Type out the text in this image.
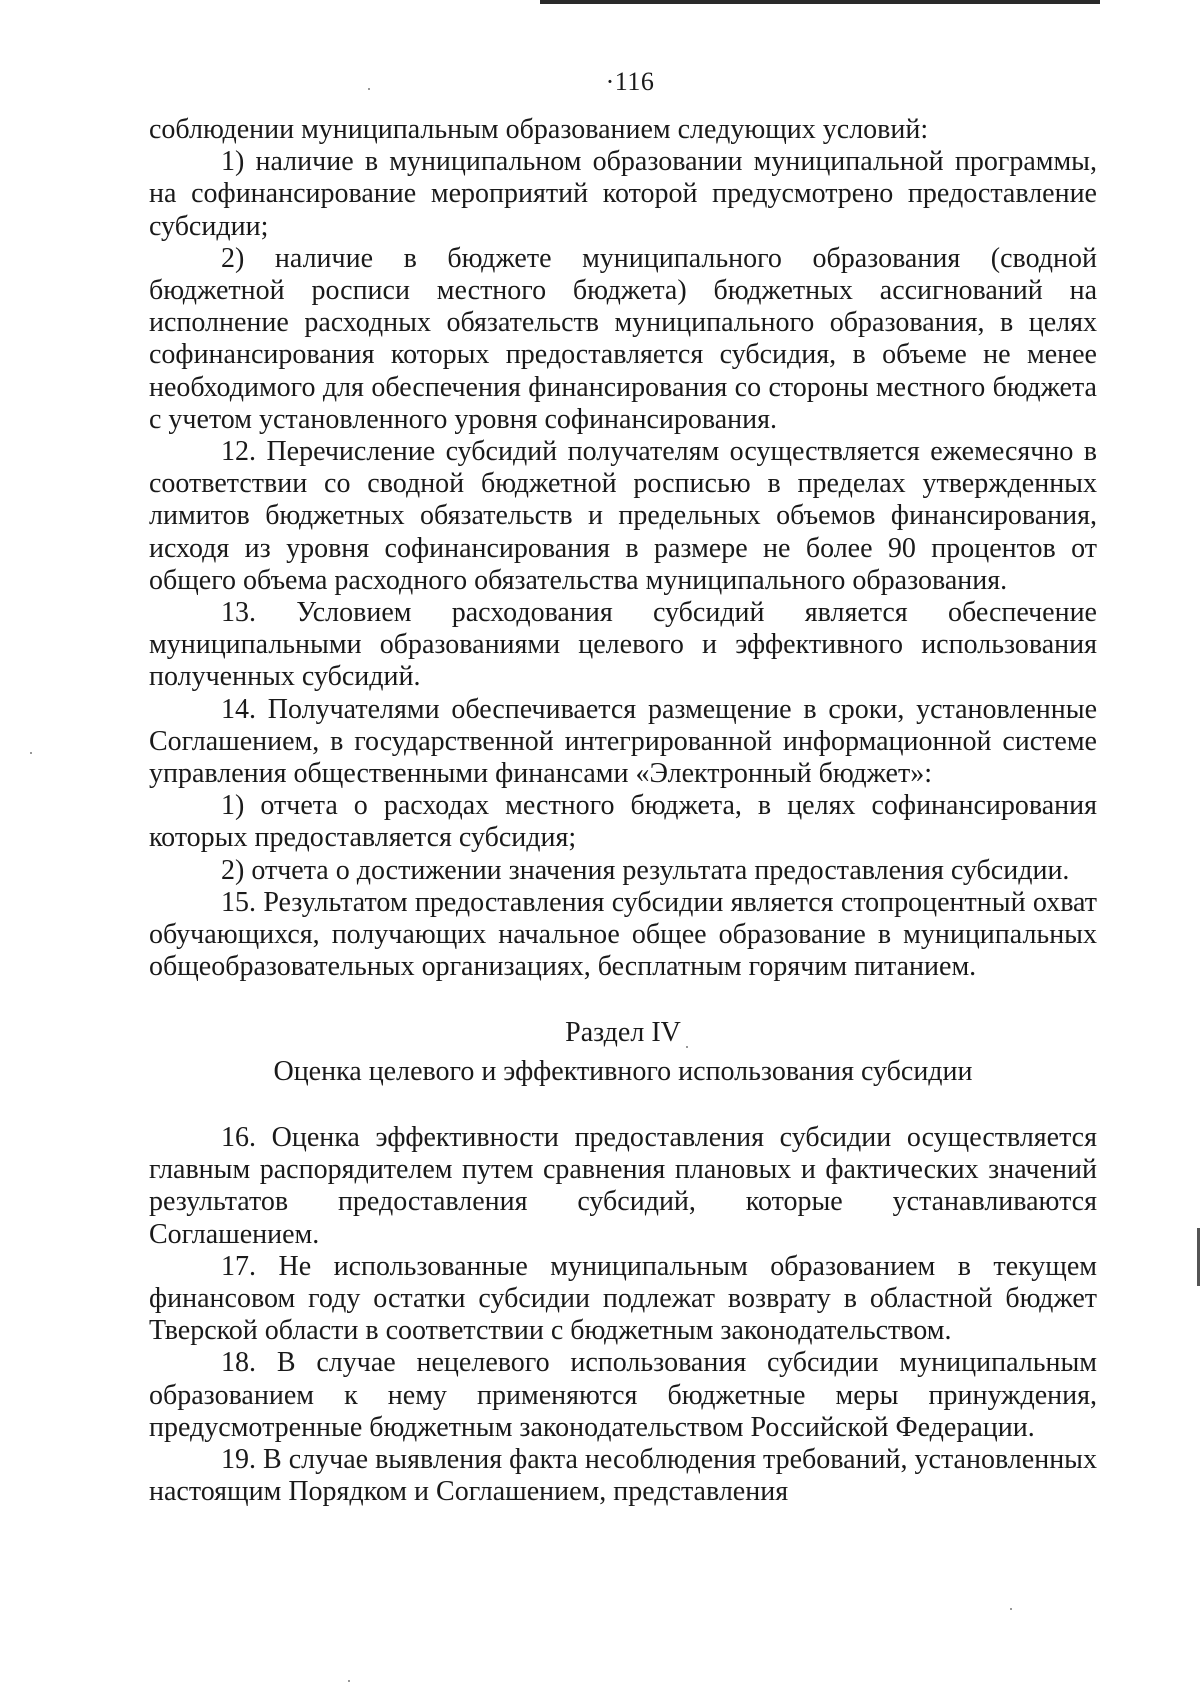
·116

соблюдении муниципальным образованием следующих условий:

1) наличие в муниципальном образовании муниципальной программы, на софинансирование мероприятий которой предусмотрено предоставление субсидии;

2) наличие в бюджете муниципального образования (сводной бюджетной росписи местного бюджета) бюджетных ассигнований на исполнение расходных обязательств муниципального образования, в целях софинансирования которых предоставляется субсидия, в объеме не менее необходимого для обеспечения финансирования со стороны местного бюджета с учетом установленного уровня софинансирования.

12. Перечисление субсидий получателям осуществляется ежемесячно в соответствии со сводной бюджетной росписью в пределах утвержденных лимитов бюджетных обязательств и предельных объемов финансирования, исходя из уровня софинансирования в размере не более 90 процентов от общего объема расходного обязательства муниципального образования.

13. Условием расходования субсидий является обеспечение муниципальными образованиями целевого и эффективного использования полученных субсидий.

14. Получателями обеспечивается размещение в сроки, установленные Соглашением, в государственной интегрированной информационной системе управления общественными финансами «Электронный бюджет»:

1) отчета о расходах местного бюджета, в целях софинансирования которых предоставляется субсидия;

2) отчета о достижении значения результата предоставления субсидии.

15. Результатом предоставления субсидии является стопроцентный охват обучающихся, получающих начальное общее образование в муниципальных общеобразовательных организациях, бесплатным горячим питанием.

Раздел IV

Оценка целевого и эффективного использования субсидии

16. Оценка эффективности предоставления субсидии осуществляется главным распорядителем путем сравнения плановых и фактических значений результатов предоставления субсидий, которые устанавливаются Соглашением.

17. Не использованные муниципальным образованием в текущем финансовом году остатки субсидии подлежат возврату в областной бюджет Тверской области в соответствии с бюджетным законодательством.

18. В случае нецелевого использования субсидии муниципальным образованием к нему применяются бюджетные меры принуждения, предусмотренные бюджетным законодательством Российской Федерации.

19. В случае выявления факта несоблюдения требований, установленных настоящим Порядком и Соглашением, представления
